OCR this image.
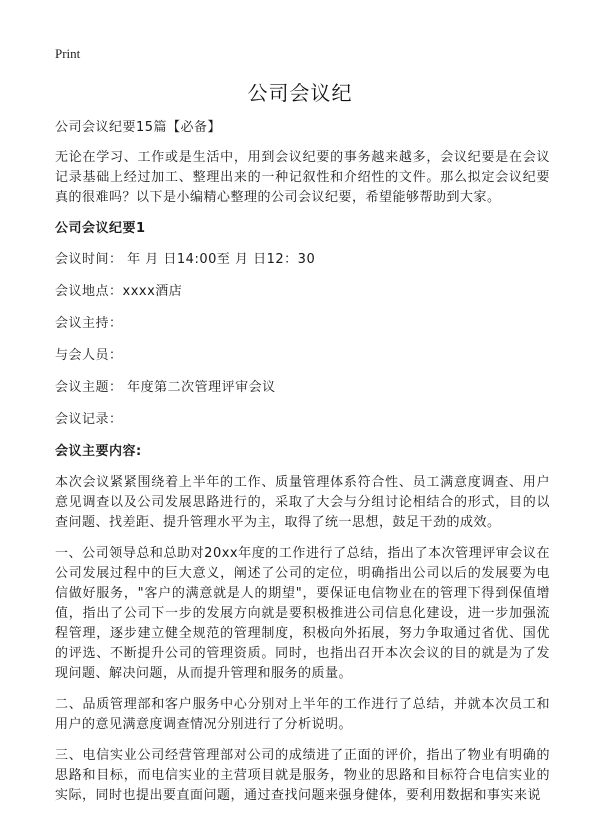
Print
公司会议纪

公司会议纪要15篇【必备】

无论在学习、工作或是生活中，用到会议纪要的事务越来越多，会议纪要是在会议记录基础上经过加工、整理出来的一种记叙性和介绍性的文件。那么拟定会议纪要真的很难吗？以下是小编精心整理的公司会议纪要，希望能够帮助到大家。

公司会议纪要1

会议时间： 年 月 日14:00至 月 日12：30

会议地点：xxxx酒店

会议主持：

与会人员：

会议主题： 年度第二次管理评审会议

会议记录：

会议主要内容:

本次会议紧紧围绕着上半年的工作、质量管理体系符合性、员工满意度调查、用户意见调查以及公司发展思路进行的，采取了大会与分组讨论相结合的形式，目的以查问题、找差距、提升管理水平为主，取得了统一思想，鼓足干劲的成效。

一、公司领导总和总助对20xx年度的工作进行了总结，指出了本次管理评审会议在公司发展过程中的巨大意义，阐述了公司的定位，明确指出公司以后的发展要为电信做好服务，"客户的满意就是人的期望"，要保证电信物业在的管理下得到保值增值，指出了公司下一步的发展方向就是要积极推进公司信息化建设，进一步加强流程管理，逐步建立健全规范的管理制度，积极向外拓展，努力争取通过省优、国优的评选、不断提升公司的管理资质。同时，也指出召开本次会议的目的就是为了发现问题、解决问题，从而提升管理和服务的质量。

二、品质管理部和客户服务中心分别对上半年的工作进行了总结，并就本次员工和用户的意见满意度调查情况分别进行了分析说明。

三、电信实业公司经营管理部对公司的成绩进了正面的评价，指出了物业有明确的思路和目标，而电信实业的主营项目就是服务，物业的思路和目标符合电信实业的实际，同时也提出要直面问题，通过查找问题来强身健体，要利用数据和事实来说
